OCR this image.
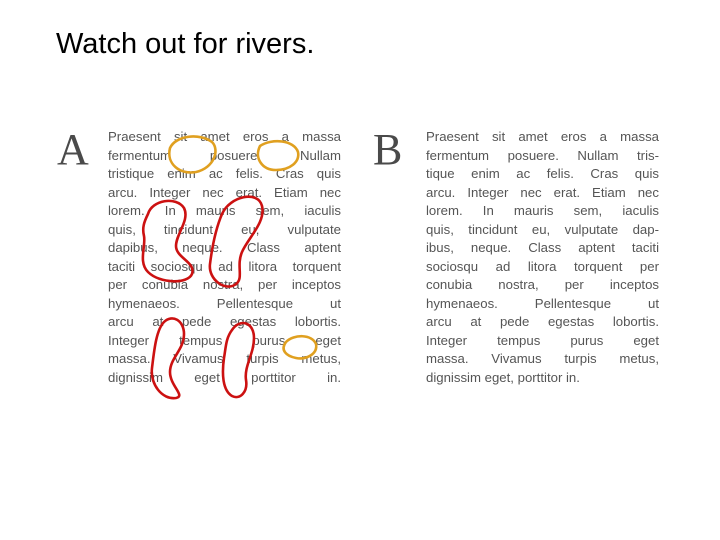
Watch out for rivers.
A Praesent sit amet eros a massa
fermentum posuere. Nullam
tristique enim ac felis. Cras quis
arcu. Integer nec erat. Etiam nec
lorem. In mauris sem, iaculis
quis, tincidunt eu, vulputate
dapibus, neque. Class aptent
taciti sociosqu ad litora torquent
per conubia nostra, per inceptos
hymenaeos. Pellentesque ut
arcu at pede egestas lobortis.
Integer tempus purus eget
massa. Vivamus turpis metus,
dignissim eget porttitor in.
B Praesent sit amet eros a massa
fermentum posuere. Nullam tris-
tique enim ac felis. Cras quis
arcu. Integer nec erat. Etiam nec
lorem. In mauris sem, iaculis
quis, tincidunt eu, vulputate dap-
ibus, neque. Class aptent taciti
sociosqu ad litora torquent per
conubia nostra, per inceptos
hymenaeos. Pellentesque ut
arcu at pede egestas lobortis.
Integer tempus purus eget
massa. Vivamus turpis metus,
dignissim eget, porttitor in.
